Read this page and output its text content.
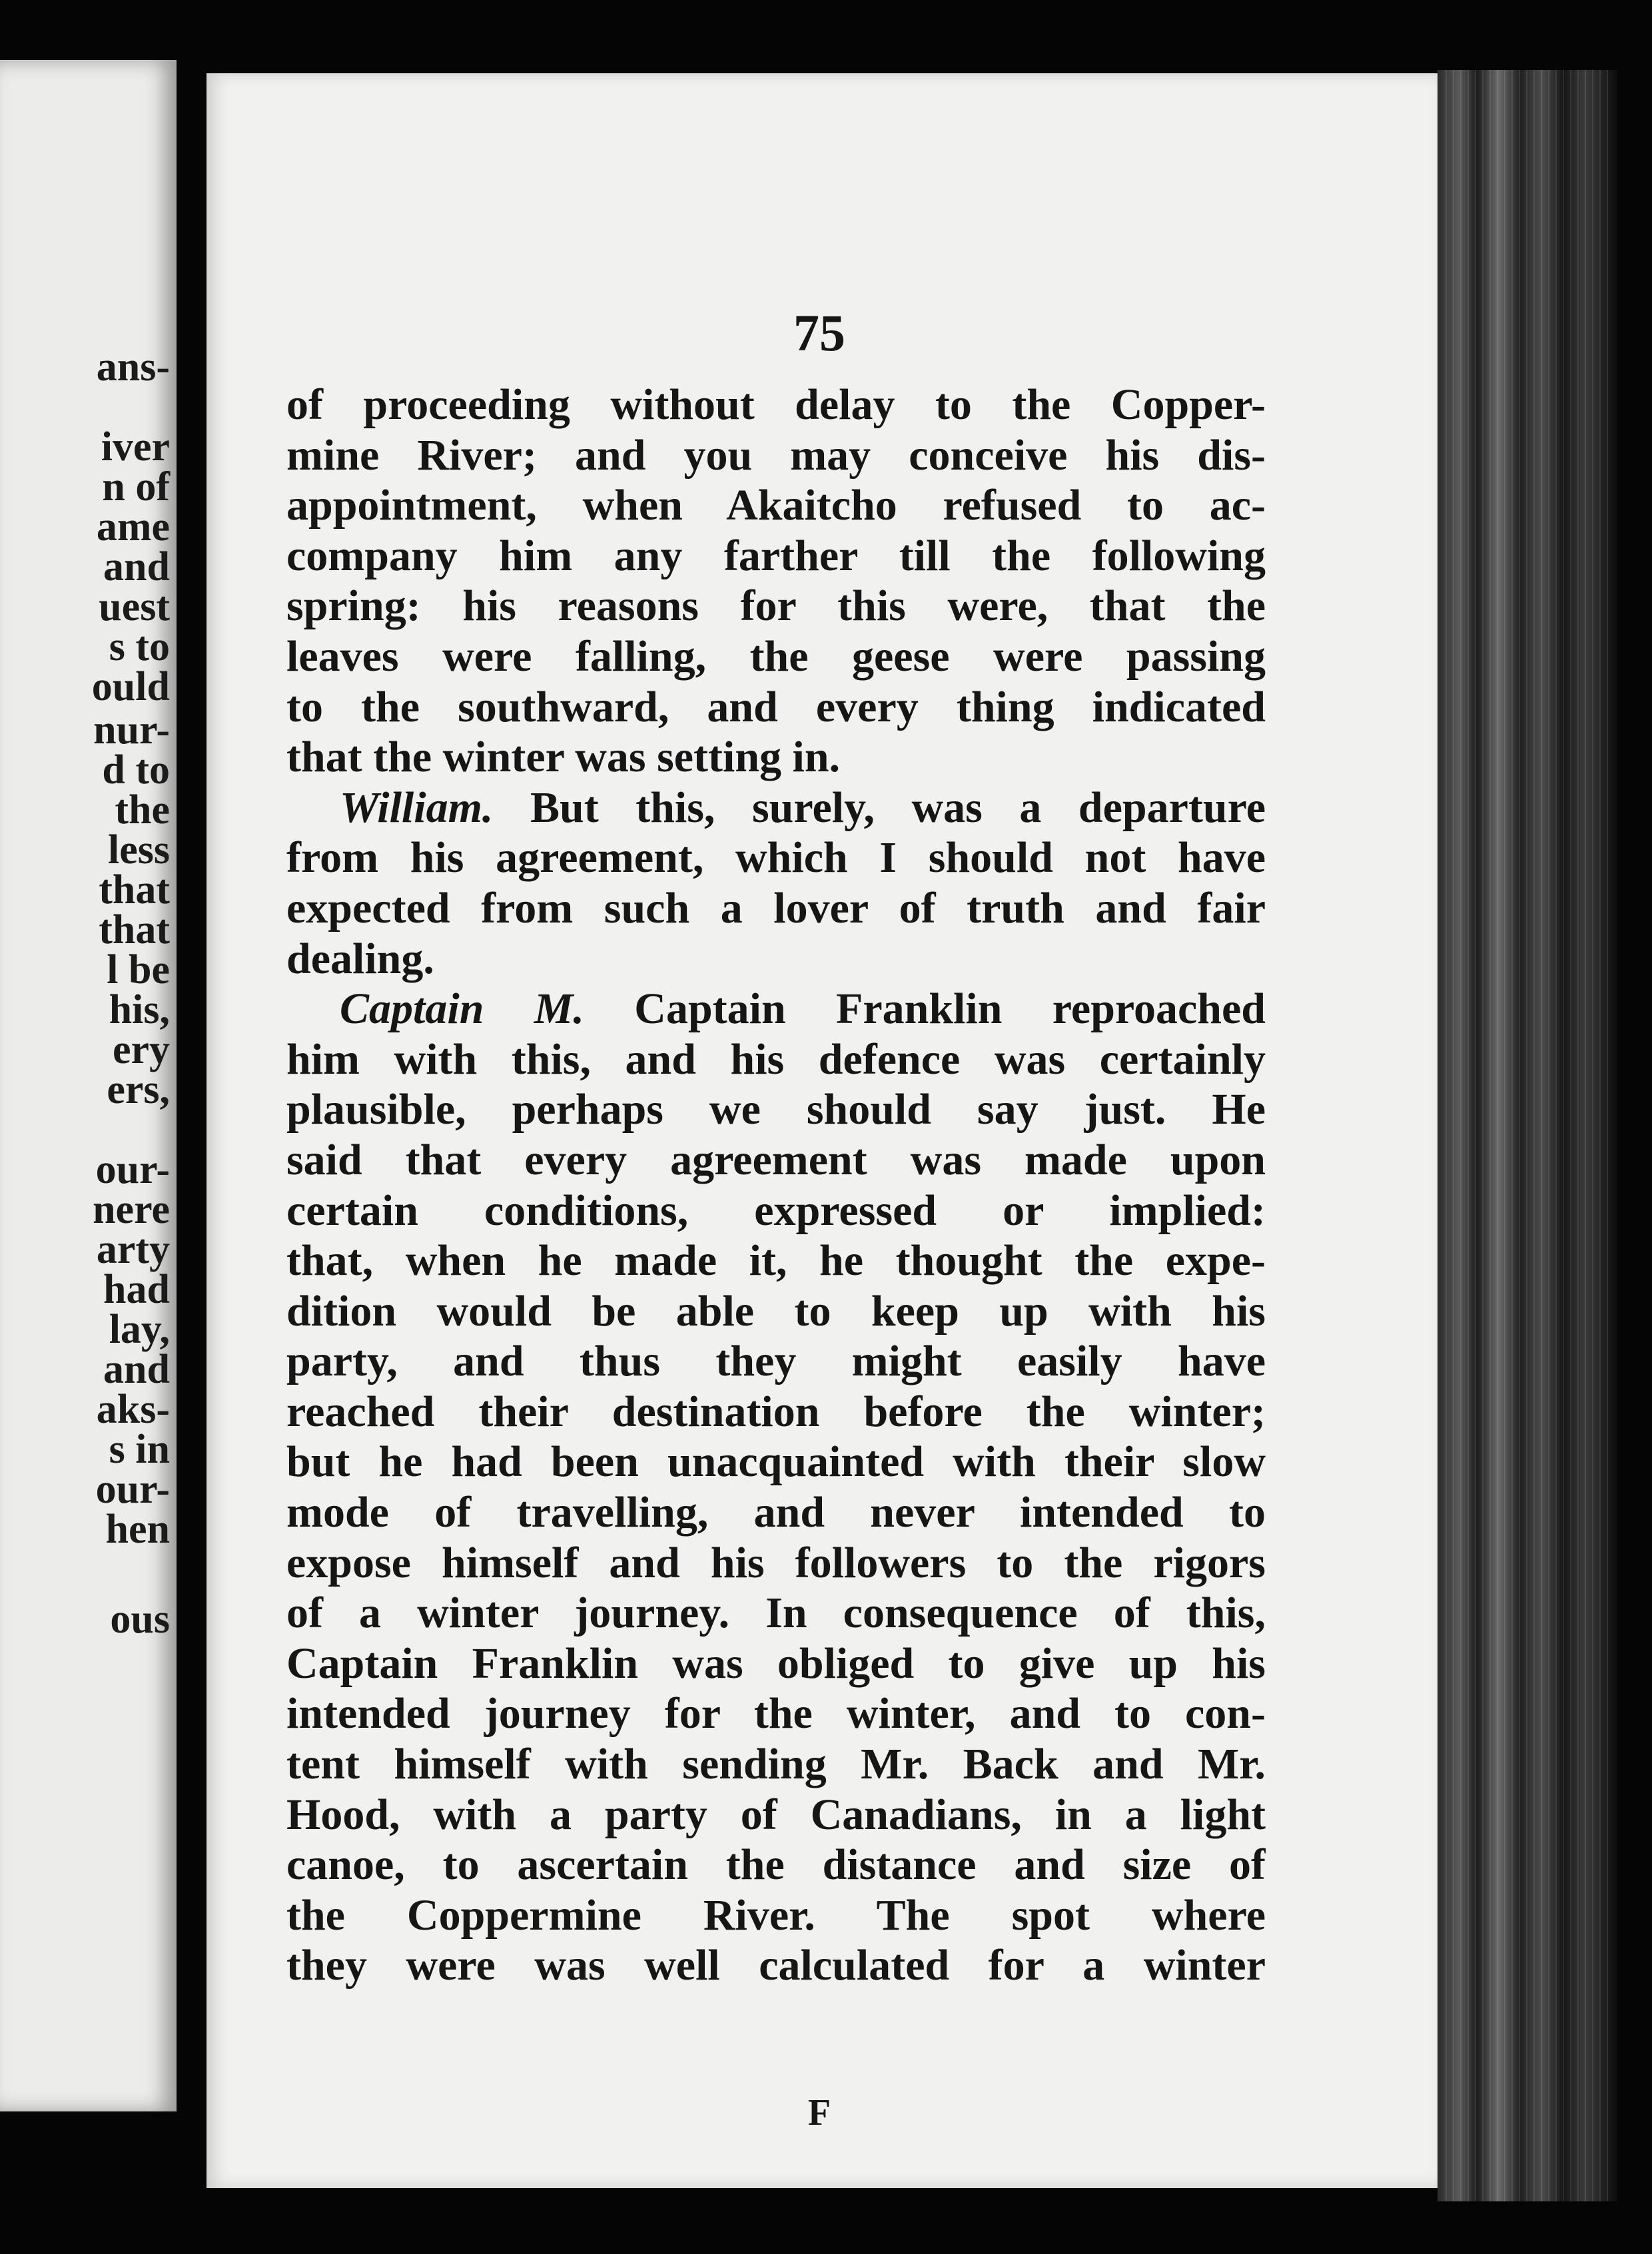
ans-
iver
n of
ame
and
uest
s to
ould
nur-
d to
the
less
that
that
l be
his,
ery
ers,
our-
nere
arty
had
lay,
and
aks-
s in
our-
hen
ous
75
of proceeding without delay to the Copper-
mine River; and you may conceive his dis-
appointment, when Akaitcho refused to ac-
company him any farther till the following
spring: his reasons for this were, that the
leaves were falling, the geese were passing
to the southward, and every thing indicated
that the winter was setting in.
William. But this, surely, was a departure
from his agreement, which I should not have
expected from such a lover of truth and fair
dealing.
Captain M. Captain Franklin reproached
him with this, and his defence was certainly
plausible, perhaps we should say just. He
said that every agreement was made upon
certain conditions, expressed or implied:
that, when he made it, he thought the expe-
dition would be able to keep up with his
party, and thus they might easily have
reached their destination before the winter;
but he had been unacquainted with their slow
mode of travelling, and never intended to
expose himself and his followers to the rigors
of a winter journey. In consequence of this,
Captain Franklin was obliged to give up his
intended journey for the winter, and to con-
tent himself with sending Mr. Back and Mr.
Hood, with a party of Canadians, in a light
canoe, to ascertain the distance and size of
the Coppermine River. The spot where
they were was well calculated for a winter
F
